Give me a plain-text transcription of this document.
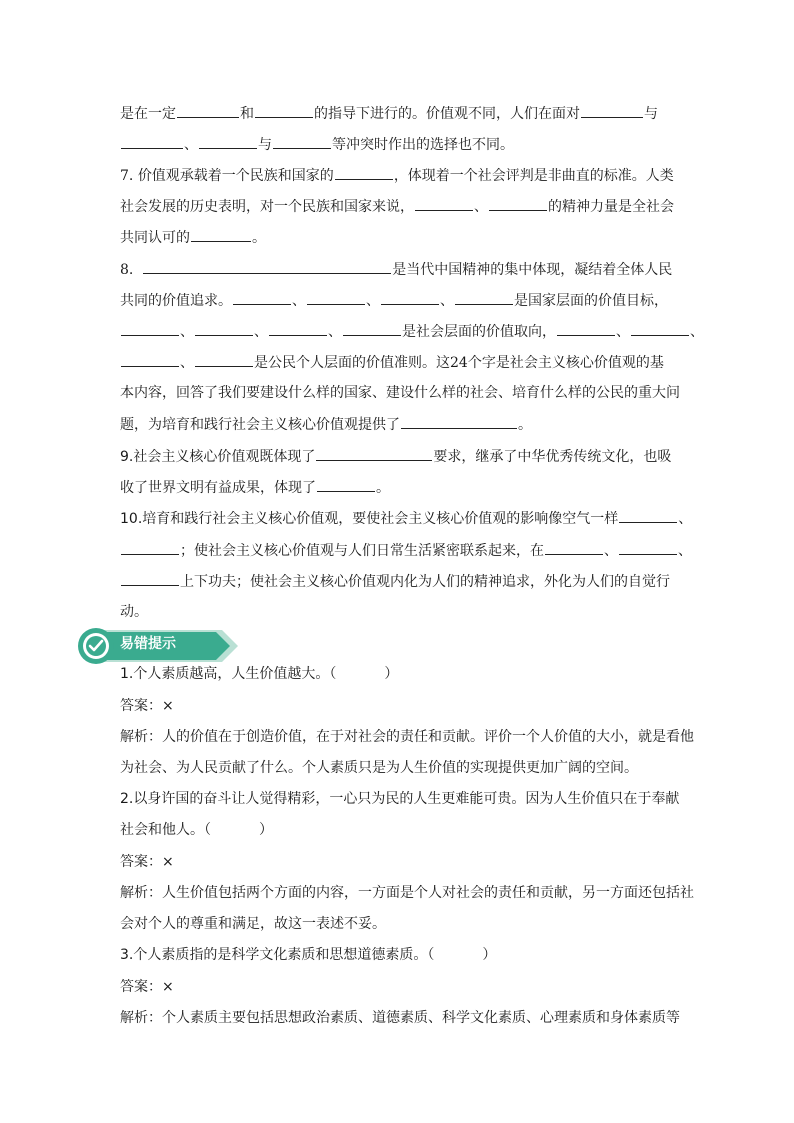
是在一定	和	的指导下进行的。价值观不同，人们在面对	与
、	与	等冲突时作出的选择也不同。
7. 价值观承载着一个民族和国家的	，体现着一个社会评判是非曲直的标准。人类
社会发展的历史表明，对一个民族和国家来说，	、	的精神力量是全社会
共同认可的	。
8.	是当代中国精神的集中体现，凝结着全体人民
共同的价值追求。	、	、	、	是国家层面的价值目标，
、	、	、	是社会层面的价值取向，	、	、
、	是公民个人层面的价值准则。这24个字是社会主义核心价值观的基
本内容，回答了我们要建设什么样的国家、建设什么样的社会、培育什么样的公民的重大问
题，为培育和践行社会主义核心价值观提供了	。
9.社会主义核心价值观既体现了	要求，继承了中华优秀传统文化，也吸
收了世界文明有益成果，体现了	。
10.培育和践行社会主义核心价值观，要使社会主义核心价值观的影响像空气一样	、
；使社会主义核心价值观与人们日常生活紧密联系起来，在	、	、
上下功夫；使社会主义核心价值观内化为人们的精神追求，外化为人们的自觉行
动。
1.个人素质越高，人生价值越大。（	）
答案：×
解析：人的价值在于创造价值，在于对社会的责任和贡献。评价一个人价值的大小，就是看他
为社会、为人民贡献了什么。个人素质只是为人生价值的实现提供更加广阔的空间。
2.以身许国的奋斗让人觉得精彩，一心只为民的人生更难能可贵。因为人生价值只在于奉献
社会和他人。（	）
答案：×
解析：人生价值包括两个方面的内容，一方面是个人对社会的责任和贡献，另一方面还包括社
会对个人的尊重和满足，故这一表述不妥。
3.个人素质指的是科学文化素质和思想道德素质。（	）
答案：×
解析：个人素质主要包括思想政治素质、道德素质、科学文化素质、心理素质和身体素质等
易错提示
